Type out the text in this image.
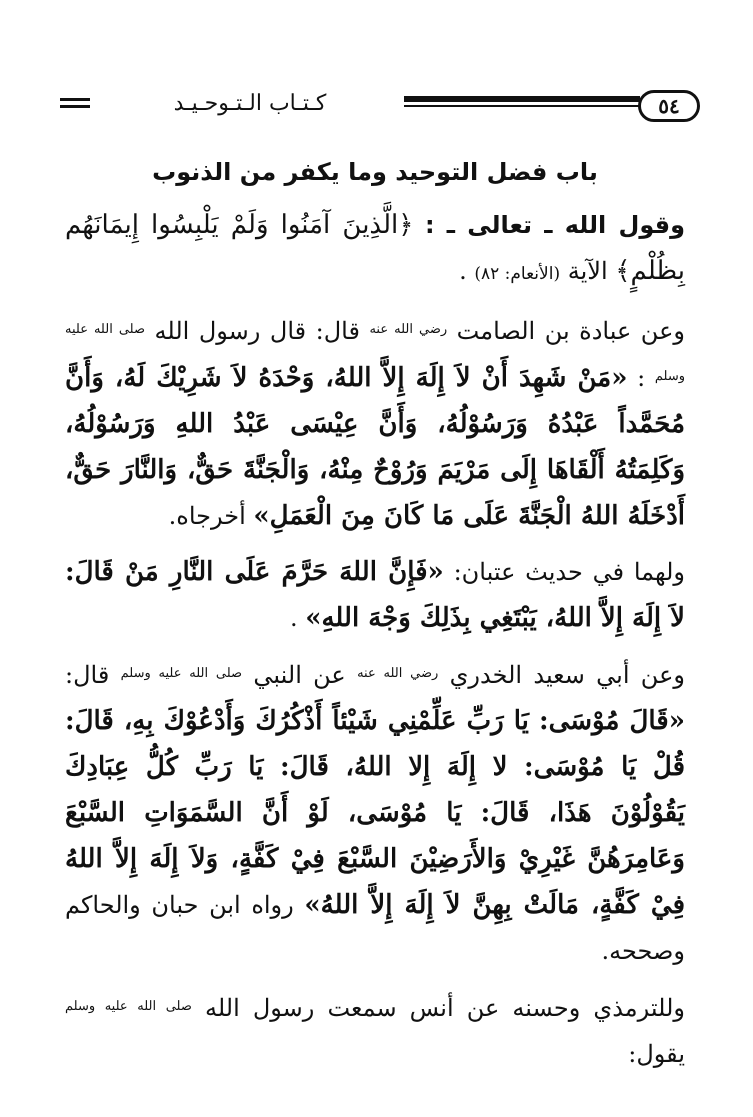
٥٤
كـتـاب الـتـوحـيـد
باب فضل التوحيد وما يكفر من الذنوب

وقول الله ـ تعالى ـ : ﴿الَّذِينَ آمَنُوا وَلَمْ يَلْبِسُوا إِيمَانَهُم بِظُلْمٍ﴾ الآية (الأنعام: ٨٢) .

وعن عبادة بن الصامت $^{رضي الله عنه}$ قال: قال رسول الله $^{صلى الله عليه وسلم}$ : «مَنْ شَهِدَ أَنْ لاَ إِلَهَ إِلاَّ اللهُ، وَحْدَهُ لاَ شَرِيْكَ لَهُ، وَأَنَّ مُحَمَّداً عَبْدُهُ وَرَسُوْلُهُ، وَأَنَّ عِيْسَى عَبْدُ اللهِ وَرَسُوْلُهُ، وَكَلِمَتُهُ أَلْقَاهَا إِلَى مَرْيَمَ وَرُوْحٌ مِنْهُ، وَالْجَنَّةَ حَقٌّ، وَالنَّارَ حَقٌّ، أَدْخَلَهُ اللهُ الْجَنَّةَ عَلَى مَا كَانَ مِنَ الْعَمَلِ» أخرجاه.

ولهما في حديث عتبان: «فَإِنَّ اللهَ حَرَّمَ عَلَى النَّارِ مَنْ قَالَ: لاَ إِلَهَ إِلاَّ اللهُ، يَبْتَغِي بِذَلِكَ وَجْهَ اللهِ» .

وعن أبي سعيد الخدري $^{رضي الله عنه}$ عن النبي $^{صلى الله عليه وسلم}$ قال: «قَالَ مُوْسَى: يَا رَبِّ عَلِّمْنِي شَيْئاً أَذْكُرُكَ وَأَدْعُوْكَ بِهِ، قَالَ: قُلْ يَا مُوْسَى: لا إِلَهَ إِلا اللهُ، قَالَ: يَا رَبِّ كُلُّ عِبَادِكَ يَقُوْلُوْنَ هَذَا، قَالَ: يَا مُوْسَى، لَوْ أَنَّ السَّمَوَاتِ السَّبْعَ وَعَامِرَهُنَّ غَيْرِيْ وَالأَرَضِيْنَ السَّبْعَ فِيْ كَفَّةٍ، وَلاَ إِلَهَ إِلاَّ اللهُ فِيْ كَفَّةٍ، مَالَتْ بِهِنَّ لاَ إِلَهَ إِلاَّ اللهُ» رواه ابن حبان والحاكم وصححه.

وللترمذي وحسنه عن أنس سمعت رسول الله $^{صلى الله عليه وسلم}$ يقول:
